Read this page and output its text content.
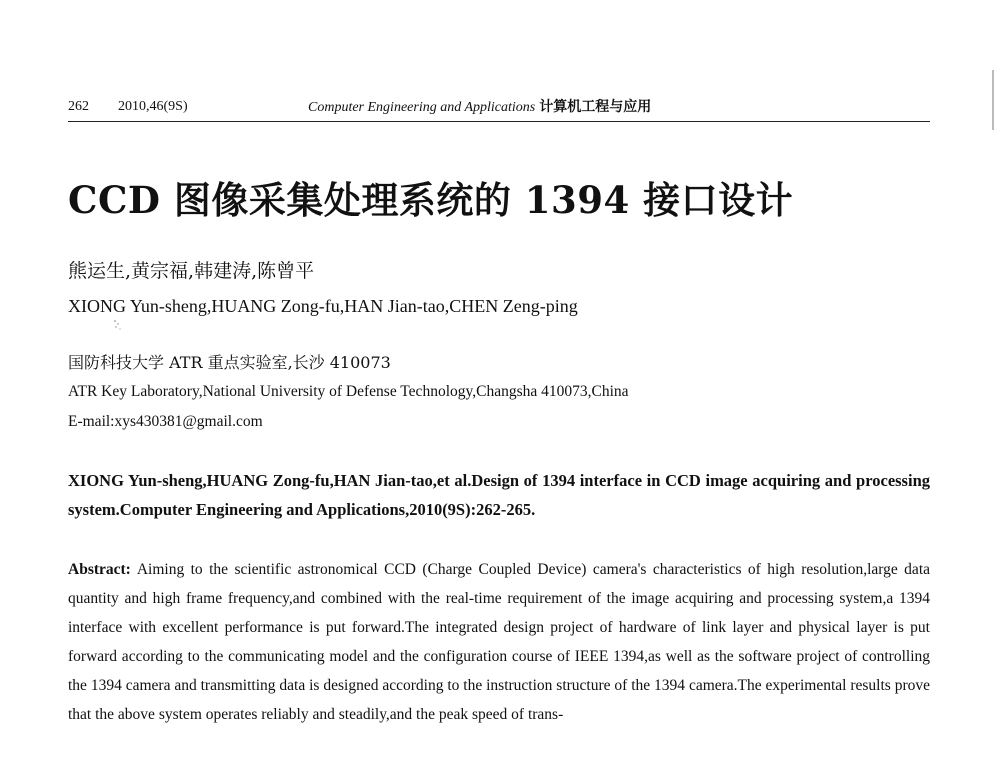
262 2010,46(9S)	Computer Engineering and Applications 计算机工程与应用
CCD 图像采集处理系统的 1394 接口设计
熊运生,黄宗福,韩建涛,陈曾平
XIONG Yun-sheng,HUANG Zong-fu,HAN Jian-tao,CHEN Zeng-ping
国防科技大学 ATR 重点实验室,长沙 410073
ATR Key Laboratory,National University of Defense Technology,Changsha 410073,China
E-mail:xys430381@gmail.com
XIONG Yun-sheng,HUANG Zong-fu,HAN Jian-tao,et al.Design of 1394 interface in CCD image acquiring and processing system.Computer Engineering and Applications,2010(9S):262-265.
Abstract: Aiming to the scientific astronomical CCD (Charge Coupled Device) camera's characteristics of high resolution,large data quantity and high frame frequency,and combined with the real-time requirement of the image acquiring and processing system,a 1394 interface with excellent performance is put forward.The integrated design project of hardware of link layer and physical layer is put forward according to the communicating model and the configuration course of IEEE 1394,as well as the software project of controlling the 1394 camera and transmitting data is designed according to the instruction structure of the 1394 camera.The experimental results prove that the above system operates reliably and steadily,and the peak speed of trans-
